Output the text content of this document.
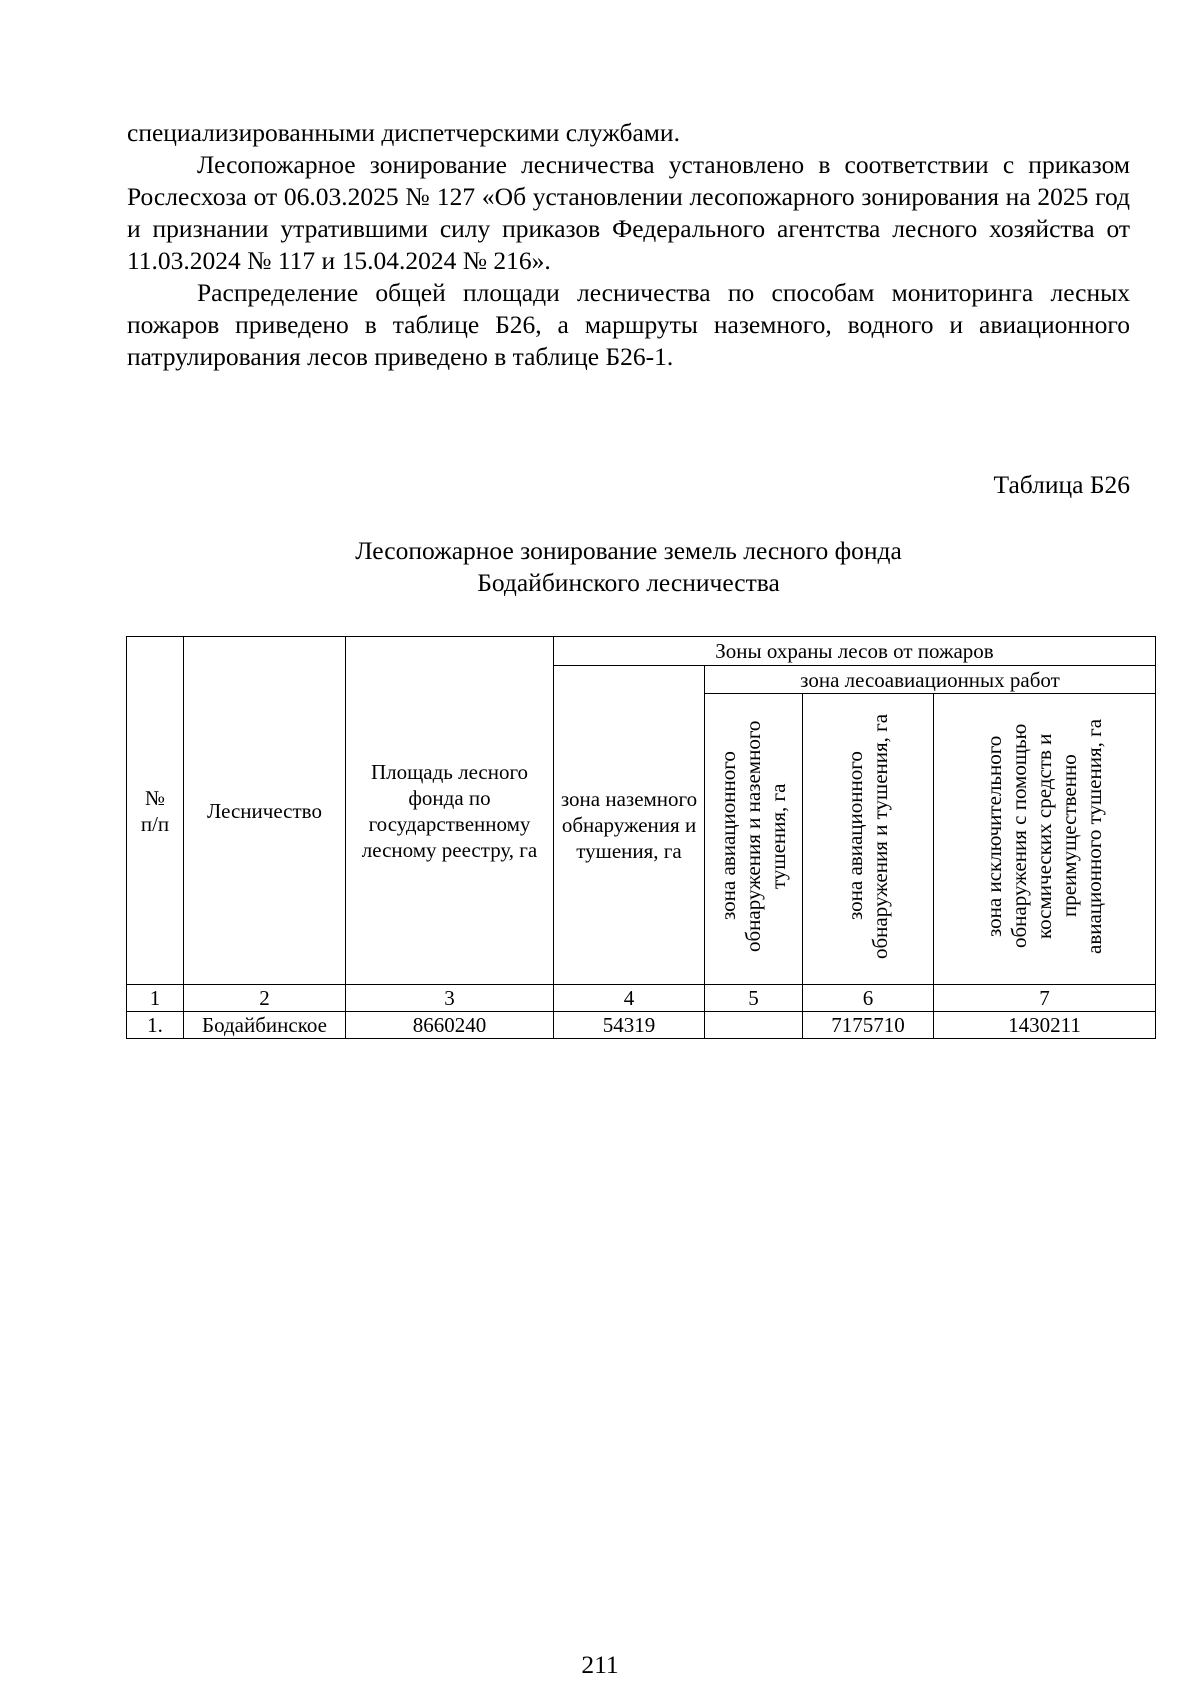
специализированными диспетчерскими службами.

Лесопожарное зонирование лесничества установлено в соответствии с приказом Рослесхоза от 06.03.2025 № 127 «Об установлении лесопожарного зонирования на 2025 год и признании утратившими силу приказов Федерального агентства лесного хозяйства от 11.03.2024 № 117 и 15.04.2024 № 216».

Распределение общей площади лесничества по способам мониторинга лесных пожаров приведено в таблице Б26, а маршруты наземного, водного и авиационного патрулирования лесов приведено в таблице Б26-1.

Таблица Б26
Лесопожарное зонирование земель лесного фонда
Бодайбинского лесничества
№ п/п	Лесничество	Площадь лесного фонда по государственному лесному реестру, га	Зоны охраны лесов от пожаров			
			зона наземного обнаружения и тушения, га	зона лесоавиационных работ		
				зона авиационного обнаружения и наземного тушения, га	зона авиационного обнаружения и тушения, га	зона исключительного обнаружения с помощью космических средств и преимущественно авиационного тушения, га
1	2	3	4	5	6	7
1.	Бодайбинское	8660240	54319		7175710	1430211
211
